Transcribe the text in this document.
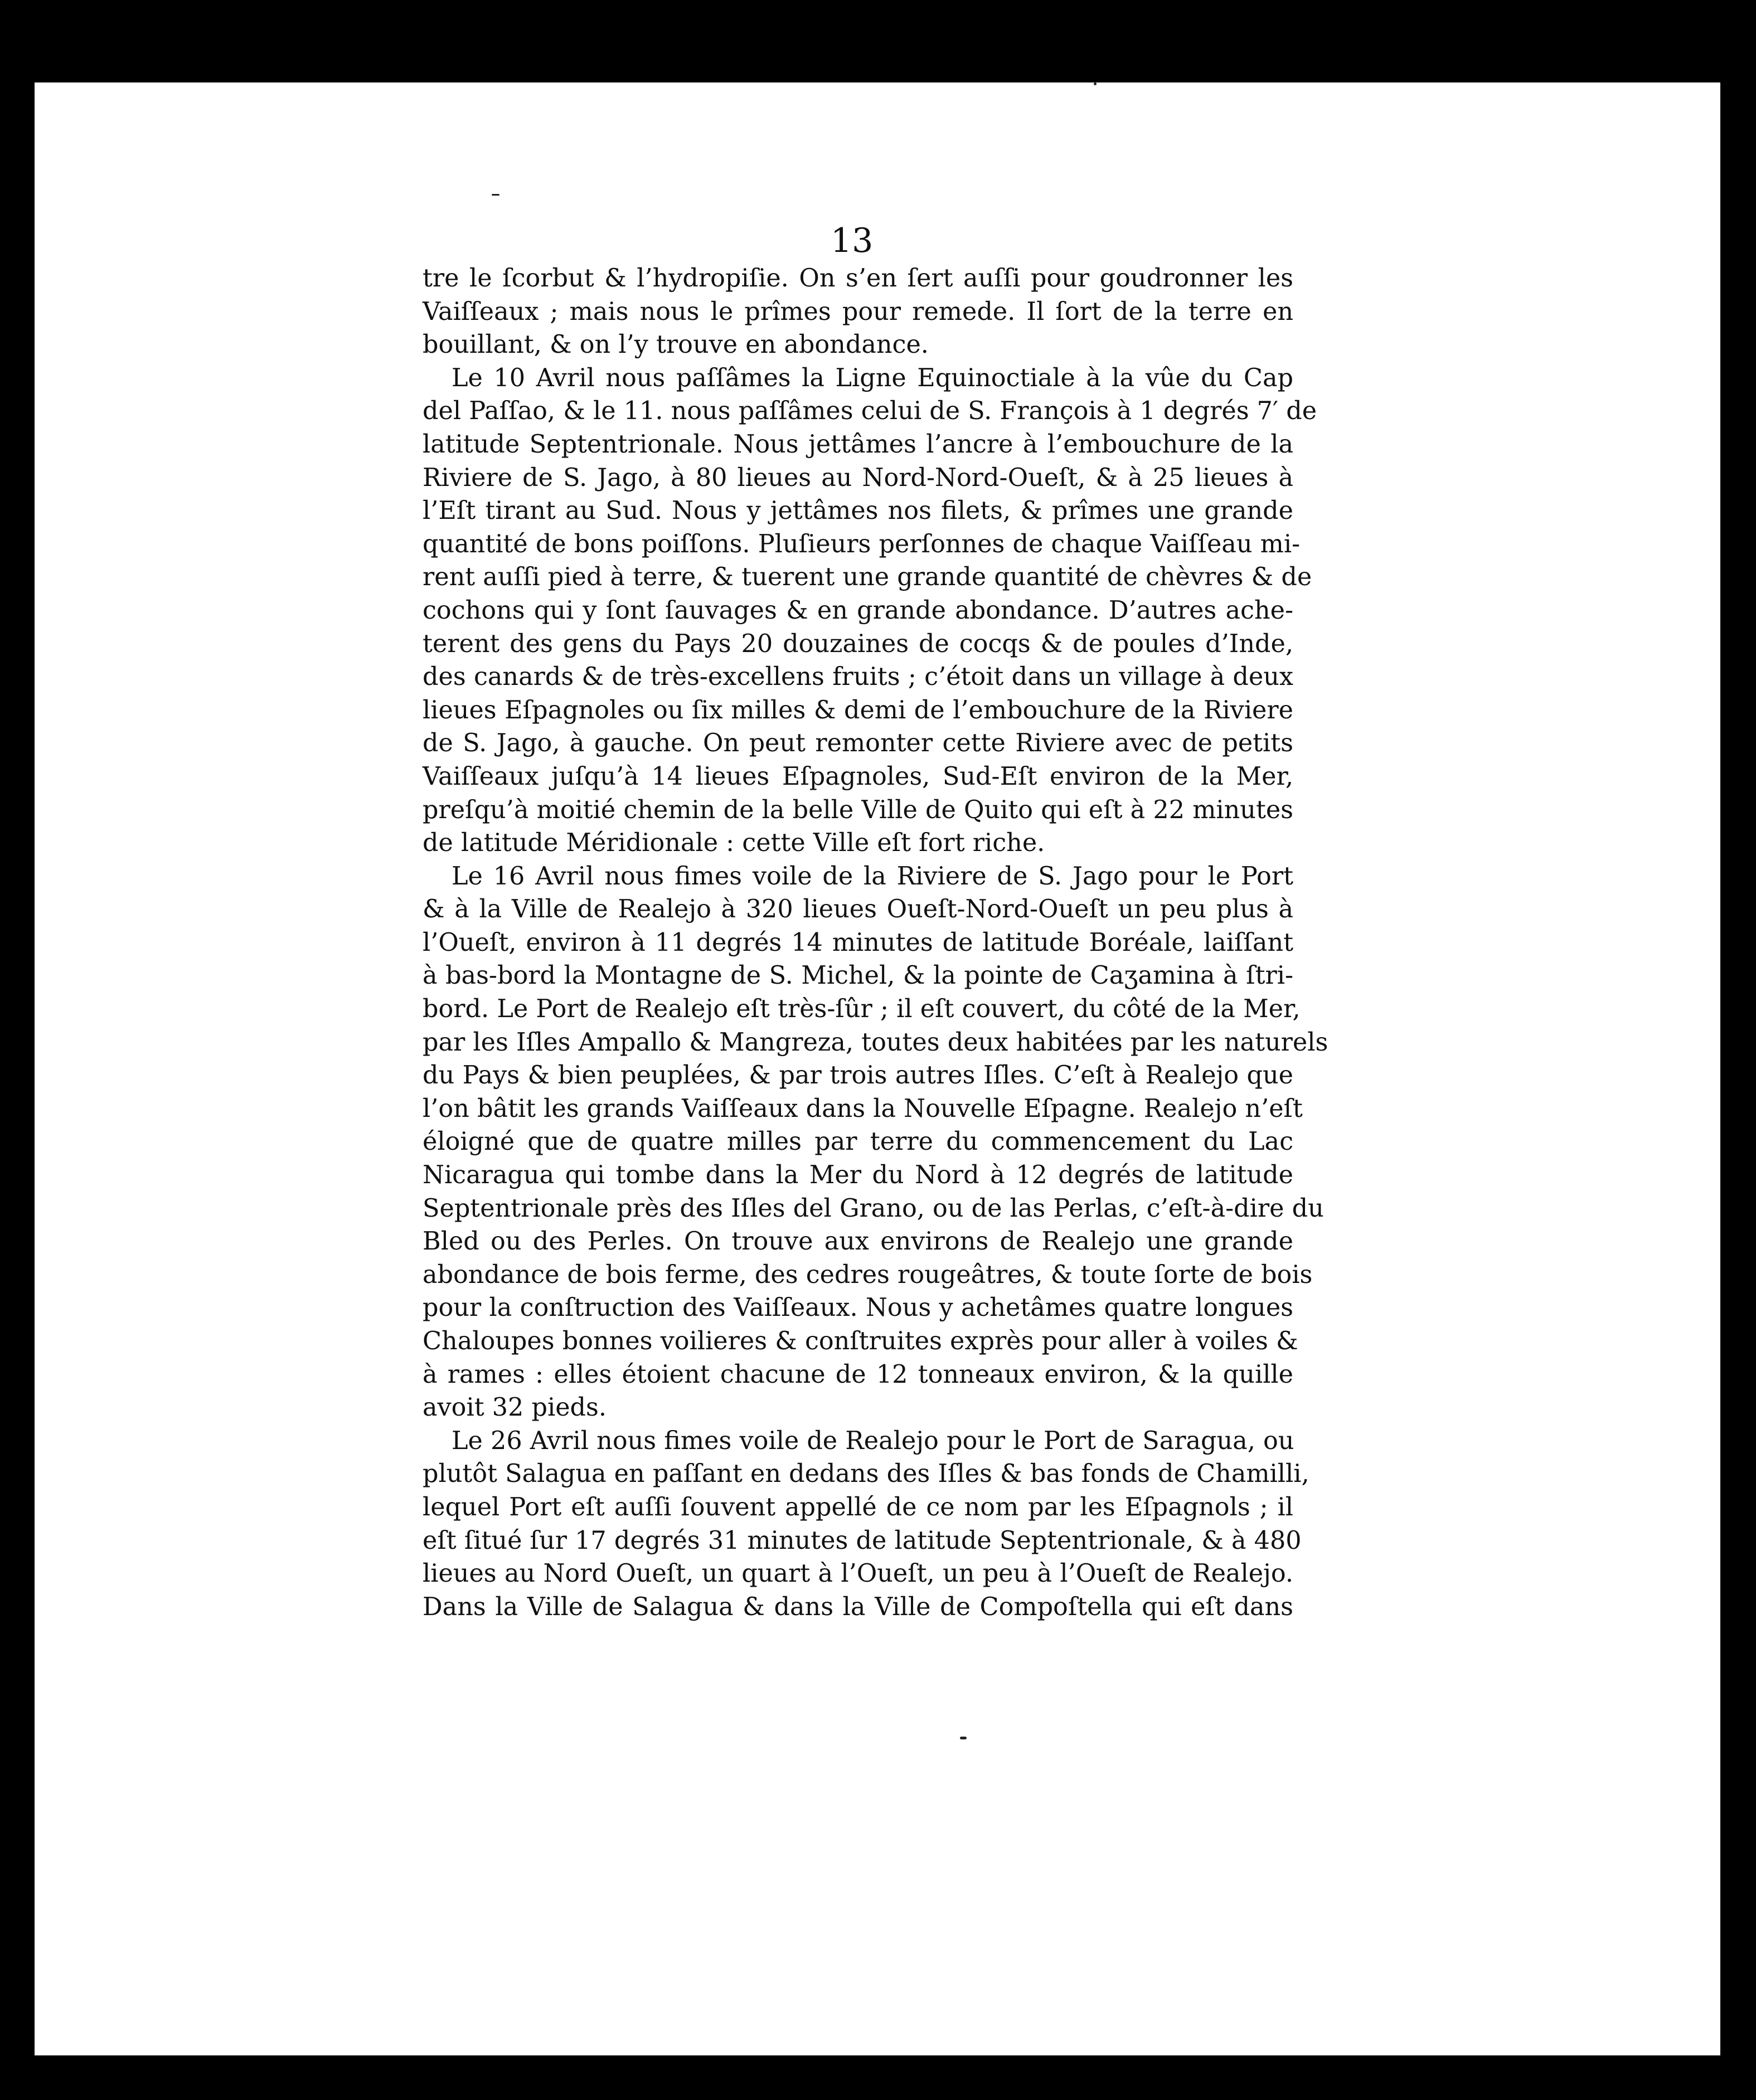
13

tre le ſcorbut & l’hydropiſie. On s’en ſert auſſi pour goudronner les
Vaiſſeaux ; mais nous le prîmes pour remede. Il ſort de la terre en
bouillant, & on l’y trouve en abondance.
Le 10 Avril nous paſſâmes la Ligne Equinoctiale à la vûe du Cap
del Paſſao, & le 11. nous paſſâmes celui de S. François à 1 degrés 7′ de
latitude Septentrionale. Nous jettâmes l’ancre à l’embouchure de la
Riviere de S. Jago, à 80 lieues au Nord-Nord-Oueſt, & à 25 lieues à
l’Eſt tirant au Sud. Nous y jettâmes nos filets, & prîmes une grande
quantité de bons poiſſons. Pluſieurs perſonnes de chaque Vaiſſeau mi-
rent auſſi pied à terre, & tuerent une grande quantité de chèvres & de
cochons qui y ſont ſauvages & en grande abondance. D’autres ache-
terent des gens du Pays 20 douzaines de cocqs & de poules d’Inde,
des canards & de très-excellens fruits ; c’étoit dans un village à deux
lieues Eſpagnoles ou ſix milles & demi de l’embouchure de la Riviere
de S. Jago, à gauche. On peut remonter cette Riviere avec de petits
Vaiſſeaux juſqu’à 14 lieues Eſpagnoles, Sud-Eſt environ de la Mer,
preſqu’à moitié chemin de la belle Ville de Quito qui eſt à 22 minutes
de latitude Méridionale : cette Ville eſt fort riche.
Le 16 Avril nous fimes voile de la Riviere de S. Jago pour le Port
& à la Ville de Realejo à 320 lieues Oueſt-Nord-Oueſt un peu plus à
l’Oueſt, environ à 11 degrés 14 minutes de latitude Boréale, laiſſant
à bas-bord la Montagne de S. Michel, & la pointe de Caʒamina à ſtri-
bord. Le Port de Realejo eſt très-ſûr ; il eſt couvert, du côté de la Mer,
par les Iſles Ampallo & Mangreza, toutes deux habitées par les naturels
du Pays & bien peuplées, & par trois autres Iſles. C’eſt à Realejo que
l’on bâtit les grands Vaiſſeaux dans la Nouvelle Eſpagne. Realejo n’eſt
éloigné que de quatre milles par terre du commencement du Lac
Nicaragua qui tombe dans la Mer du Nord à 12 degrés de latitude
Septentrionale près des Iſles del Grano, ou de las Perlas, c’eſt-à-dire du
Bled ou des Perles. On trouve aux environs de Realejo une grande
abondance de bois ferme, des cedres rougeâtres, & toute ſorte de bois
pour la conſtruction des Vaiſſeaux. Nous y achetâmes quatre longues
Chaloupes bonnes voilieres & conſtruites exprès pour aller à voiles &
à rames : elles étoient chacune de 12 tonneaux environ, & la quille
avoit 32 pieds.
Le 26 Avril nous fimes voile de Realejo pour le Port de Saragua, ou
plutôt Salagua en paſſant en dedans des Iſles & bas fonds de Chamilli,
lequel Port eſt auſſi ſouvent appellé de ce nom par les Eſpagnols ; il
eſt ſitué ſur 17 degrés 31 minutes de latitude Septentrionale, & à 480
lieues au Nord Oueſt, un quart à l’Oueſt, un peu à l’Oueſt de Realejo.
Dans la Ville de Salagua & dans la Ville de Compoſtella qui eſt dans
